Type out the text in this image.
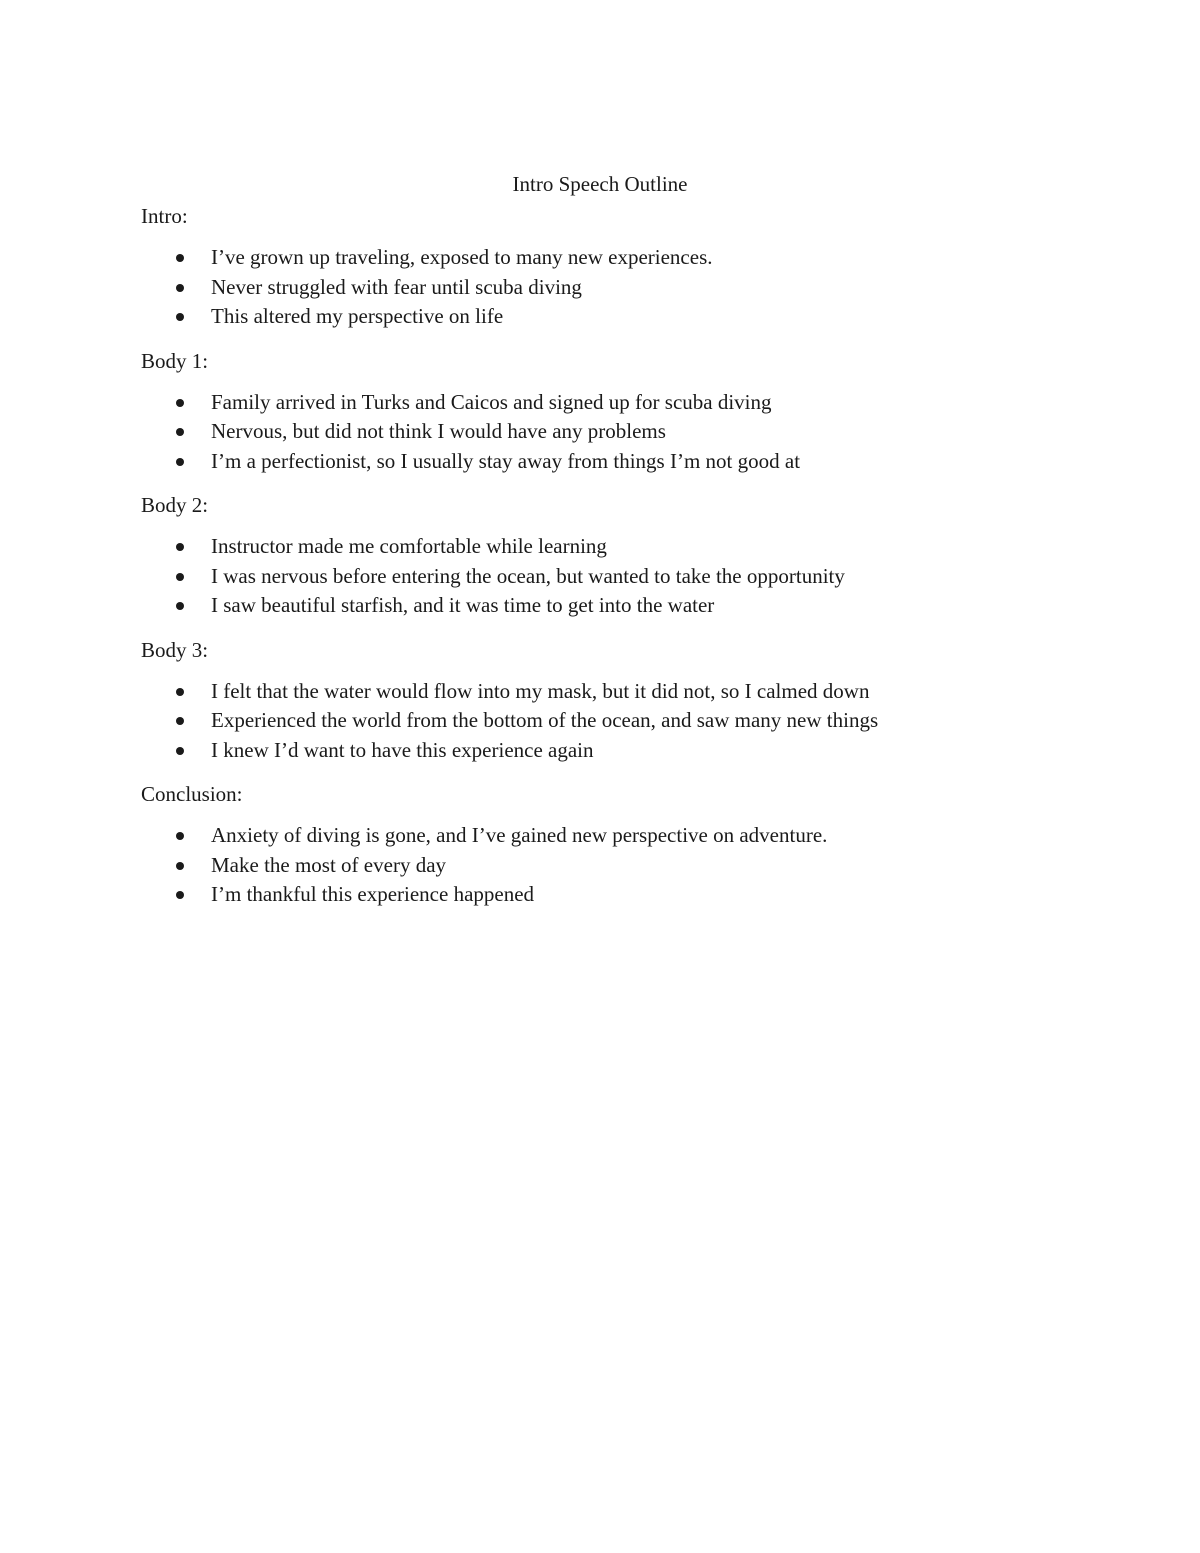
Intro Speech Outline

Intro:

I’ve grown up traveling, exposed to many new experiences.
Never struggled with fear until scuba diving
This altered my perspective on life

Body 1:

Family arrived in Turks and Caicos and signed up for scuba diving
Nervous, but did not think I would have any problems
I’m a perfectionist, so I usually stay away from things I’m not good at

Body 2:

Instructor made me comfortable while learning
I was nervous before entering the ocean, but wanted to take the opportunity
I saw beautiful starfish, and it was time to get into the water

Body 3:

I felt that the water would flow into my mask, but it did not, so I calmed down
Experienced the world from the bottom of the ocean, and saw many new things
I knew I’d want to have this experience again

Conclusion:

Anxiety of diving is gone, and I’ve gained new perspective on adventure.
Make the most of every day
I’m thankful this experience happened
